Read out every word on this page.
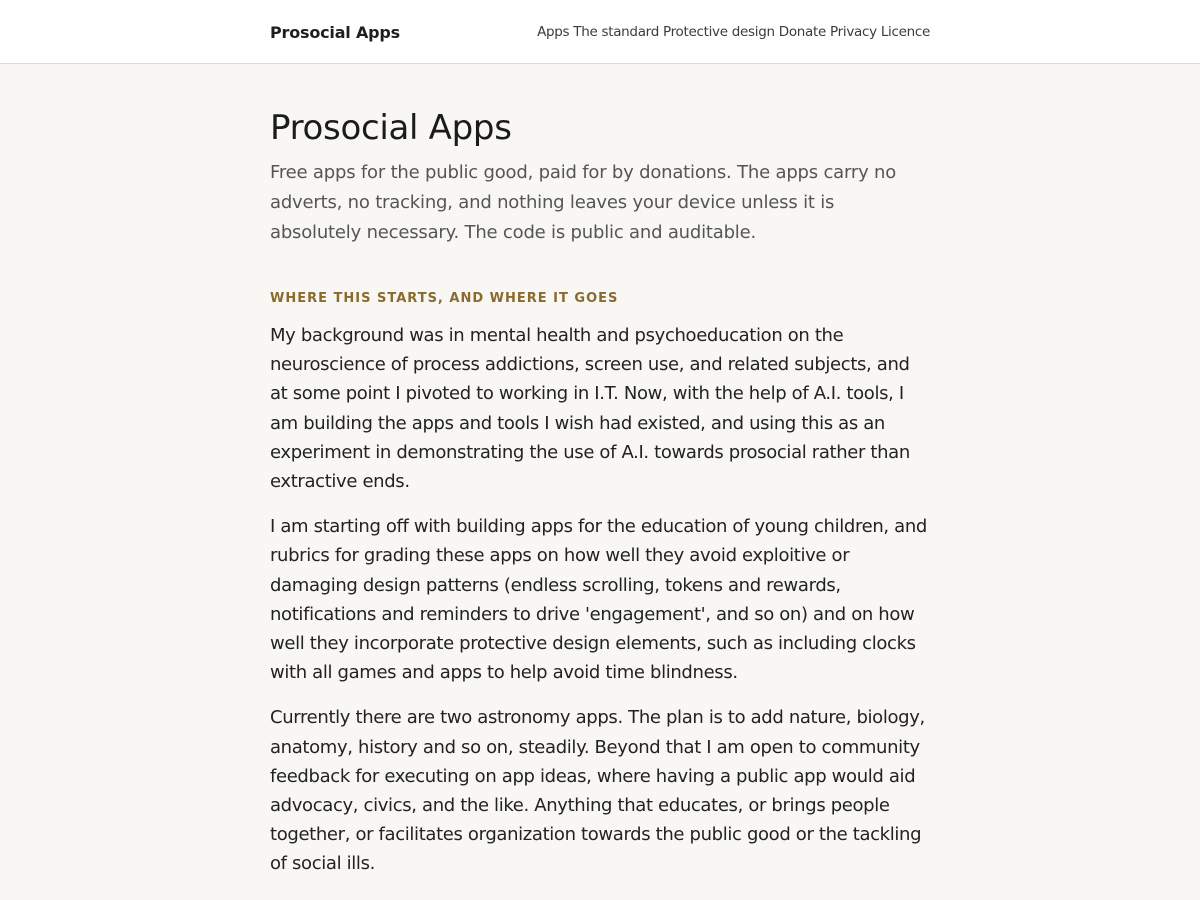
Prosocial Apps	Apps The standard Protective design Donate Privacy Licence
Prosocial Apps

Free apps for the public good, paid for by donations. The apps carry no adverts, no tracking, and nothing leaves your device unless it is absolutely necessary. The code is public and auditable.

WHERE THIS STARTS, AND WHERE IT GOES

My background was in mental health and psychoeducation on the neuroscience of process addictions, screen use, and related subjects, and at some point I pivoted to working in I.T. Now, with the help of A.I. tools, I am building the apps and tools I wish had existed, and using this as an experiment in demonstrating the use of A.I. towards prosocial rather than extractive ends.

I am starting off with building apps for the education of young children, and rubrics for grading these apps on how well they avoid exploitive or damaging design patterns (endless scrolling, tokens and rewards, notifications and reminders to drive 'engagement', and so on) and on how well they incorporate protective design elements, such as including clocks with all games and apps to help avoid time blindness.

Currently there are two astronomy apps. The plan is to add nature, biology, anatomy, history and so on, steadily. Beyond that I am open to community feedback for executing on app ideas, where having a public app would aid advocacy, civics, and the like. Anything that educates, or brings people together, or facilitates organization towards the public good or the tackling of social ills.
